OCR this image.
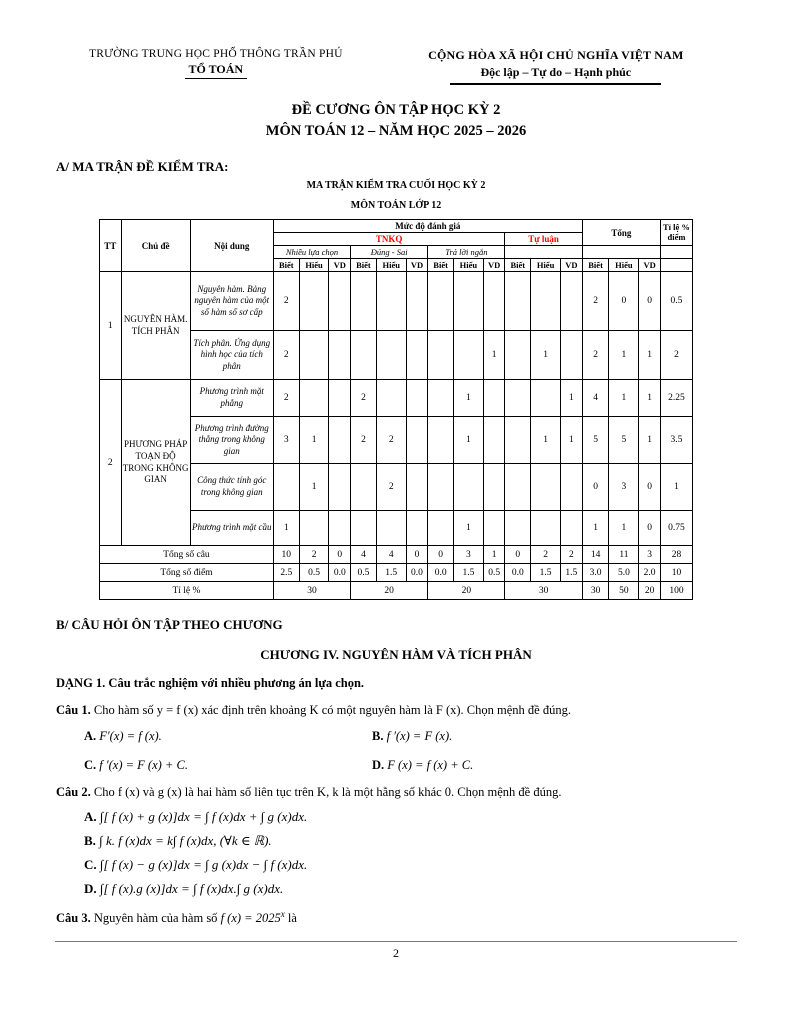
TRƯỜNG TRUNG HỌC PHỔ THÔNG TRẦN PHÚ
TỔ TOÁN
CỘNG HÒA XÃ HỘI CHỦ NGHĨA VIỆT NAM
Độc lập – Tự do – Hạnh phúc
ĐỀ CƯƠNG ÔN TẬP HỌC KỲ 2
MÔN TOÁN 12 – NĂM HỌC 2025 – 2026
A/ MA TRẬN ĐỀ KIỂM TRA:
MA TRẬN KIỂM TRA CUỐI HỌC KỲ 2
MÔN TOÁN LỚP 12
TT	Chủ đề	Nội dung	Mức độ đánh giá												Tổng			Tỉ lệ % điểm
			TNKQ									Tự luận						
			Nhiều lựa chọn			Đúng - Sai			Trả lời ngắn									
			Biết	Hiểu	VD	Biết	Hiểu	VD	Biết	Hiểu	VD	Biết	Hiểu	VD	Biết	Hiểu	VD	
1	NGUYÊN HÀM. TÍCH PHÂN	Nguyên hàm. Bảng nguyên hàm của một số hàm số sơ cấp	2												2	0	0	0.5
		Tích phân. Ứng dụng hình học của tích phân	2								1		1		2	1	1	2
2	PHƯƠNG PHÁP TOẠN ĐỘ TRONG KHÔNG GIAN	Phương trình mặt phẳng	2			2				1				1	4	1	1	2.25
		Phương trình đường thẳng trong không gian	3	1		2	2			1			1	1	5	5	1	3.5
		Công thức tính góc trong không gian		1			2								0	3	0	1
		Phương trình mặt cầu	1							1					1	1	0	0.75
Tổng số câu			10	2	0	4	4	0	0	3	1	0	2	2	14	11	3	28
Tổng số điểm			2.5	0.5	0.0	0.5	1.5	0.0	0.0	1.5	0.5	0.0	1.5	1.5	3.0	5.0	2.0	10
Tỉ lệ %			30			20			20			30			30	50	20	100
B/ CÂU HỎI ÔN TẬP THEO CHƯƠNG
CHƯƠNG IV. NGUYÊN HÀM VÀ TÍCH PHÂN
DẠNG 1. Câu trắc nghiệm với nhiều phương án lựa chọn.
Câu 1. Cho hàm số y = f (x) xác định trên khoảng K có một nguyên hàm là F (x). Chọn mệnh đề đúng.
A. F′(x) = f (x).	B. f ′(x) = F (x).
C. f ′(x) = F (x) + C.	D. F (x) = f (x) + C.
Câu 2. Cho f (x) và g (x) là hai hàm số liên tục trên K, k là một hằng số khác 0. Chọn mệnh đề đúng.
A. ∫[ f (x) + g (x)]dx = ∫ f (x)dx + ∫ g (x)dx.
B. ∫ k. f (x)dx = k∫ f (x)dx, (∀k ∈ ℝ).
C. ∫[ f (x) − g (x)]dx = ∫ g (x)dx − ∫ f (x)dx.
D. ∫[ f (x).g (x)]dx = ∫ f (x)dx.∫ g (x)dx.
Câu 3. Nguyên hàm của hàm số f $(x) = 2025^x$ là
2
